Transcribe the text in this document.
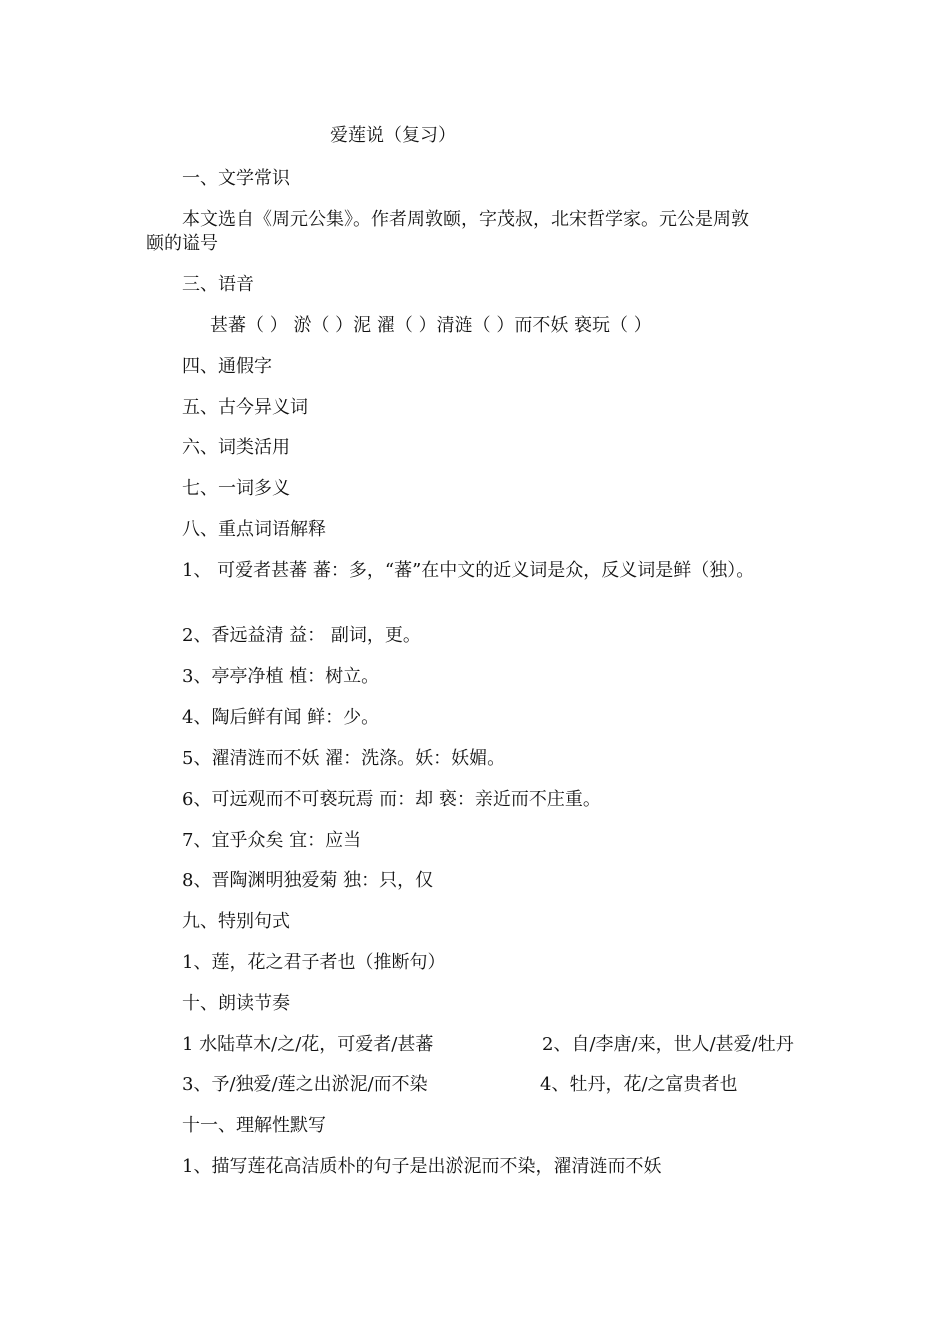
爱莲说（复习）
一、文学常识
本文选自《周元公集》。作者周敦颐，字茂叔，北宋哲学家。元公是周敦
颐的谥号
三、语音
甚蕃（ ） 淤（ ）泥 濯（ ）清涟（ ）而不妖 亵玩（ ）
四、通假字
五、古今异义词
六、词类活用
七、一词多义
八、重点词语解释
1、 可爱者甚蕃 蕃：多，“蕃”在中文的近义词是众，反义词是鲜（独）。
2、香远益清 益： 副词，更。
3、亭亭净植 植：树立。
4、陶后鲜有闻 鲜：少。
5、濯清涟而不妖 濯：洗涤。妖：妖媚。
6、可远观而不可亵玩焉 而：却 亵：亲近而不庄重。
7、宜乎众矣 宜：应当
8、晋陶渊明独爱菊 独：只，仅
九、特别句式
1、莲，花之君子者也（推断句）
十、朗读节奏
1 水陆草木/之/花，可爱者/甚蕃	2、自/李唐/来，世人/甚爱/牡丹
3、予/独爱/莲之出淤泥/而不染	4、牡丹，花/之富贵者也
十一、理解性默写
1、描写莲花高洁质朴的句子是出淤泥而不染，濯清涟而不妖
